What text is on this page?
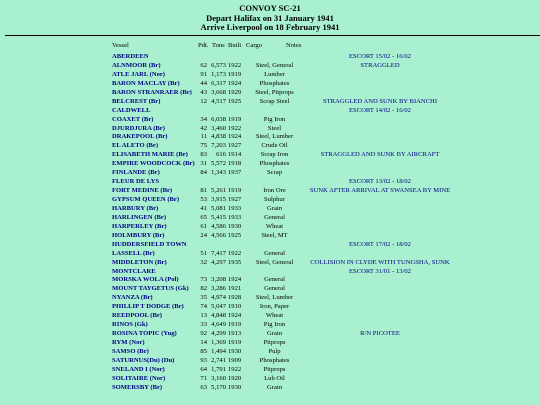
CONVOY SC-21
Depart Halifax on 31 January 1941
Arrive Liverpool on 18 February 1941
Vessel	Pdt. Tons Built Cargo	Notes
ABERDEEN	ESCORT 15/02 - 16/02
ALNMOOR (Br)	62 6,573 1922	Steel, General	STRAGGLED
ATLE JARL (Nor)	91 1,173 1919	Lumber
BARON MACLAY (Br)	44 6,317 1924	Phosphates
BARON STRANRAER (Br)	43 3,668 1929	Steel, Pitprops
BELCREST (Br)	12 4,517 1925	Scrap Steel	STRAGGLED AND SUNK BY BIANCHI
CALDWELL	ESCORT 14/02 - 16/02
COAXET (Br)	34 6,038 1919	Pig Iron
DJURDJURA (Br)	42 3,460 1922	Steel
DRAKEPOOL (Br)	11 4,838 1924	Steel, Lumber
EL ALETO (Br)	75 7,203 1927	Crude Oil
ELISABETH MARIE (Br)	83	616 1914	Scrap Iron	STRAGGLED AND SUNK BY AIRCRAFT
EMPIRE WOODCOCK (Br) 31 5,572 1918	Phosphates
FINLANDE (Br)	84 1,343 1937	Scrap
FLEUR DE LYS	ESCORT 13/02 - 18/02
FORT MEDINE (Br)	81 5,261 1919	Iron Ore	SUNK AFTER ARRIVAL AT SWANSEA BY MINE
GYPSUM QUEEN (Br)	53 3,915 1927	Sulphur
HARBURY (Br)	41 5,081 1933	Grain
HARLINGEN (Br)	65 5,415 1933	General
HARPERLEY (Br)	61 4,586 1930	Wheat
HOLMBURY (Br)	24 4,566 1925	Steel, MT
HUDDERSFIELD TOWN	ESCORT 17/02 - 18/02
LASSELL (Br)	51 7,417 1922	General
MIDDLETON (Br)	32 4,297 1935	Steel, General	COLLISION IN CLYDE WITH TUNGSHA, SUNK
MONTCLARE	ESCORT 31/01 - 13/02
MORSKA WOLA (Pol)	73 3,208 1924	General
MOUNT TAYGETUS (Gk)	82 3,286 1921	General
NYANZA (Br)	35 4,974 1928	Steel, Lumber
PHILLIP T DODGE (Br)	74 5,047 1910	Iron, Paper
REEDPOOL (Br)	13 4,848 1924	Wheat
RINOS (Gk)	33 4,649 1919	Pig Iron
ROSINA TOPIC (Yug)	92 4,299 1913	Grain	R/N PICOTEE
RYM (Nor)	14 1,369 1919	Pitprops
SAMSO (Br)	85 1,494 1930	Pulp
SATURNUS(Du) (Du)	93 2,741 1909	Phosphates
SNELAND I (Nor)	64 1,791 1922	Pitprops
SOLITAIRE (Nor)	71 3,160 1920	Lub Oil
SOMERSBY (Br)	63 5,170 1930	Grain
